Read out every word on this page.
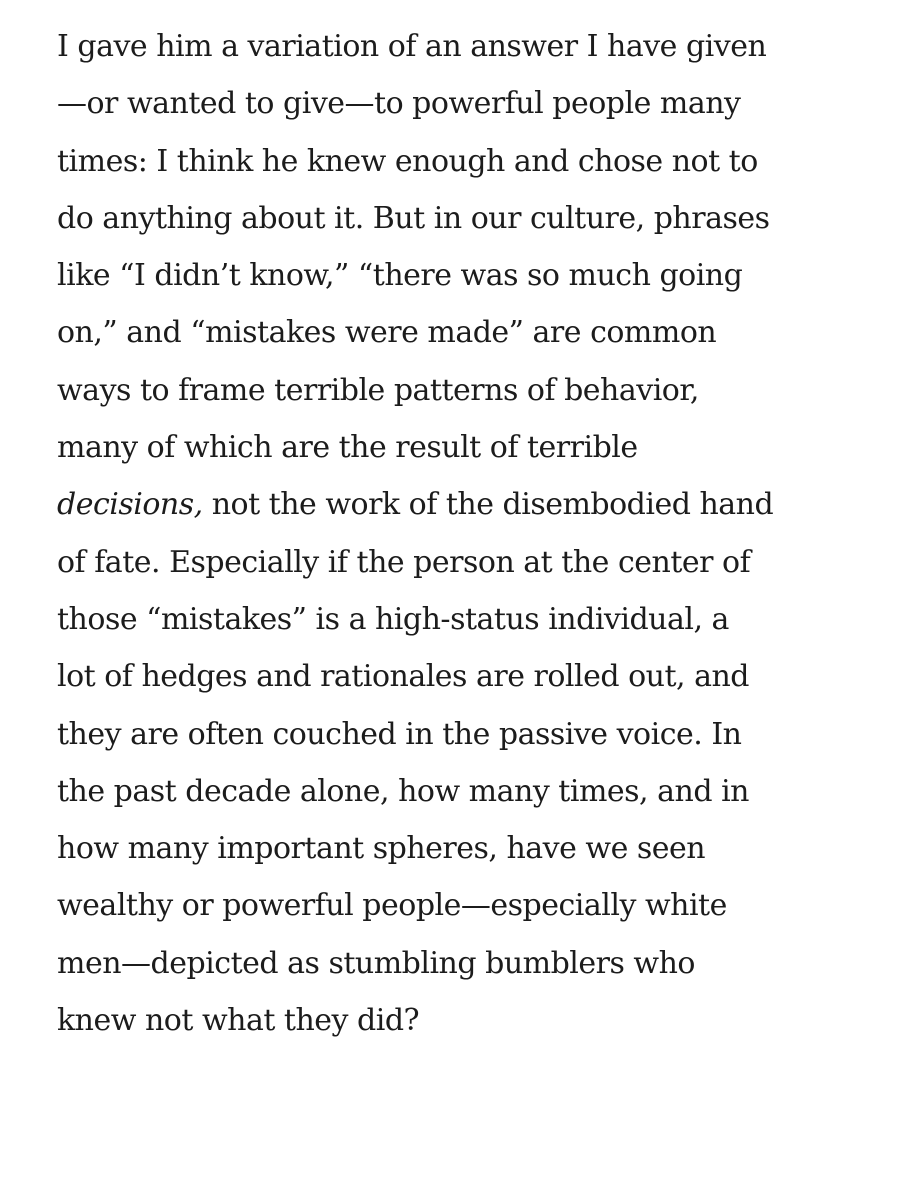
I gave him a variation of an answer I have given
—or wanted to give—to powerful people many
times: I think he knew enough and chose not to
do anything about it. But in our culture, phrases
like “I didn’t know,” “there was so much going
on,” and “mistakes were made” are common
ways to frame terrible patterns of behavior,
many of which are the result of terrible
decisions, not the work of the disembodied hand
of fate. Especially if the person at the center of
those “mistakes” is a high-status individual, a
lot of hedges and rationales are rolled out, and
they are often couched in the passive voice. In
the past decade alone, how many times, and in
how many important spheres, have we seen
wealthy or powerful people—especially white
men—depicted as stumbling bumblers who
knew not what they did?
